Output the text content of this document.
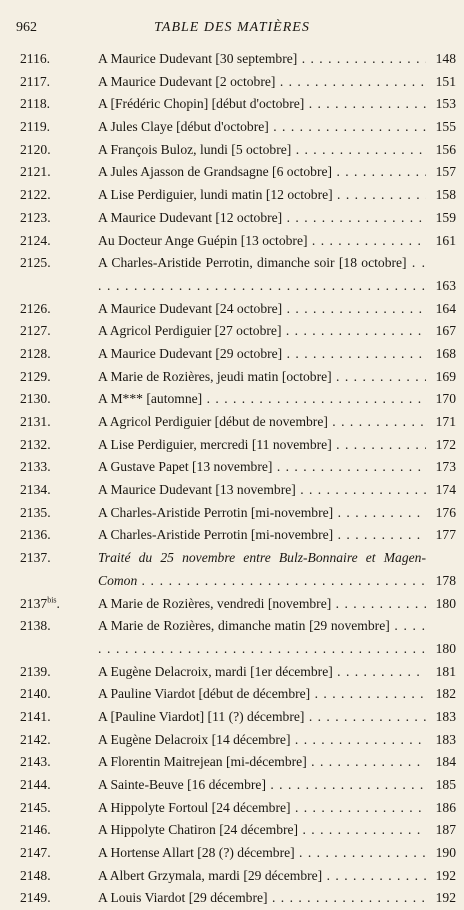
962	TABLE DES MATIÈRES
2116.	A Maurice Dudevant [30 septembre] . . .	148
2117.	A Maurice Dudevant [2 octobre] . . .	151
2118.	A [Frédéric Chopin] [début d'octobre] . . .	153
2119.	A Jules Claye [début d'octobre] . . .	155
2120.	A François Buloz, lundi [5 octobre] . . .	156
2121.	A Jules Ajasson de Grandsagne [6 octobre] . . .	157
2122.	A Lise Perdiguier, lundi matin [12 octobre] . . .	158
2123.	A Maurice Dudevant [12 octobre] . . .	159
2124.	Au Docteur Ange Guépin [13 octobre] . . .	161
2125.	A Charles-Aristide Perrotin, dimanche soir [18 octobre] . . .
163
2126.	A Maurice Dudevant [24 octobre] . . .	164
2127.	A Agricol Perdiguier [27 octobre] . . .	167
2128.	A Maurice Dudevant [29 octobre] . . .	168
2129.	A Marie de Rozières, jeudi matin [octobre] . . .	169
2130.	A M*** [automne] . . .	170
2131.	A Agricol Perdiguier [début de novembre] . . .	171
2132.	A Lise Perdiguier, mercredi [11 novembre] . . .	172
2133.	A Gustave Papet [13 novembre] . . .	173
2134.	A Maurice Dudevant [13 novembre] . . .	174
2135.	A Charles-Aristide Perrotin [mi-novembre] . . .	176
2136.	A Charles-Aristide Perrotin [mi-novembre] . . .	177
2137.	Traité du 25 novembre entre Bulz-Bonnaire et Magen-Comon . . .	178
$2137^{bis}$.	A Marie de Rozières, vendredi [novembre] . . .	180
2138.	A Marie de Rozières, dimanche matin [29 novembre] . . .
180
2139.	A Eugène Delacroix, mardi [1er décembre] . . .	181
2140.	A Pauline Viardot [début de décembre] . . .	182
2141.	A [Pauline Viardot] [11 (?) décembre] . . .	183
2142.	A Eugène Delacroix [14 décembre] . . .	183
2143.	A Florentin Maitrejean [mi-décembre] . . .	184
2144.	A Sainte-Beuve [16 décembre] . . .	185
2145.	A Hippolyte Fortoul [24 décembre] . . .	186
2146.	A Hippolyte Chatiron [24 décembre] . . .	187
2147.	A Hortense Allart [28 (?) décembre] . . .	190
2148.	A Albert Grzymala, mardi [29 décembre] . . .	192
2149.	A Louis Viardot [29 décembre] . . .	192
